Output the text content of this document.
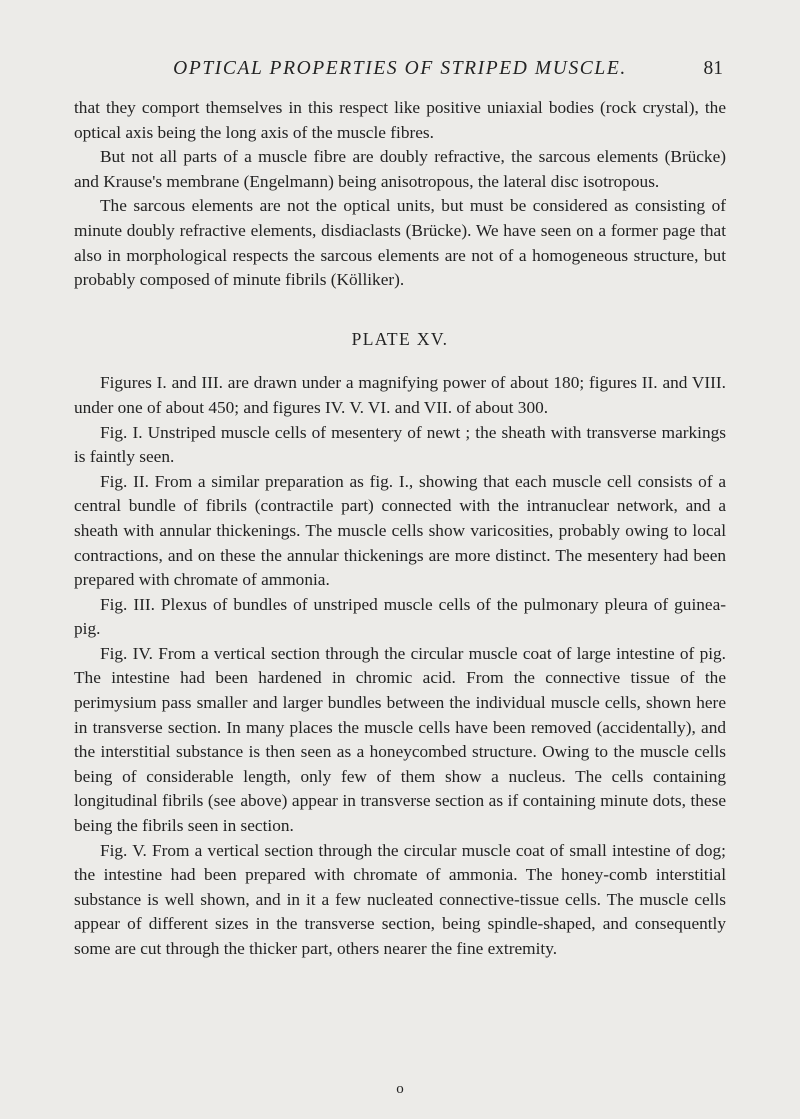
OPTICAL PROPERTIES OF STRIPED MUSCLE.	81

that they comport themselves in this respect like positive uniaxial bodies (rock crystal), the optical axis being the long axis of the muscle fibres.

But not all parts of a muscle fibre are doubly refractive, the sarcous elements (Brücke) and Krause's membrane (Engelmann) being anisotropous, the lateral disc isotropous.

The sarcous elements are not the optical units, but must be considered as consisting of minute doubly refractive elements, disdiaclasts (Brücke). We have seen on a former page that also in morphological respects the sarcous elements are not of a homogeneous structure, but probably composed of minute fibrils (Kölliker).

PLATE XV.

Figures I. and III. are drawn under a magnifying power of about 180; figures II. and VIII. under one of about 450; and figures IV. V. VI. and VII. of about 300.

Fig. I. Unstriped muscle cells of mesentery of newt ; the sheath with transverse markings is faintly seen.

Fig. II. From a similar preparation as fig. I., showing that each muscle cell consists of a central bundle of fibrils (contractile part) connected with the intranuclear network, and a sheath with annular thickenings. The muscle cells show varicosities, probably owing to local contractions, and on these the annular thickenings are more distinct. The mesentery had been prepared with chromate of ammonia.

Fig. III. Plexus of bundles of unstriped muscle cells of the pulmonary pleura of guinea-pig.

Fig. IV. From a vertical section through the circular muscle coat of large intestine of pig. The intestine had been hardened in chromic acid. From the connective tissue of the perimysium pass smaller and larger bundles between the individual muscle cells, shown here in transverse section. In many places the muscle cells have been removed (accidentally), and the interstitial substance is then seen as a honeycombed structure. Owing to the muscle cells being of considerable length, only few of them show a nucleus. The cells containing longitudinal fibrils (see above) appear in transverse section as if containing minute dots, these being the fibrils seen in section.

Fig. V. From a vertical section through the circular muscle coat of small intestine of dog; the intestine had been prepared with chromate of ammonia. The honey-comb interstitial substance is well shown, and in it a few nucleated connective-tissue cells. The muscle cells appear of different sizes in the transverse section, being spindle-shaped, and consequently some are cut through the thicker part, others nearer the fine extremity.

o
